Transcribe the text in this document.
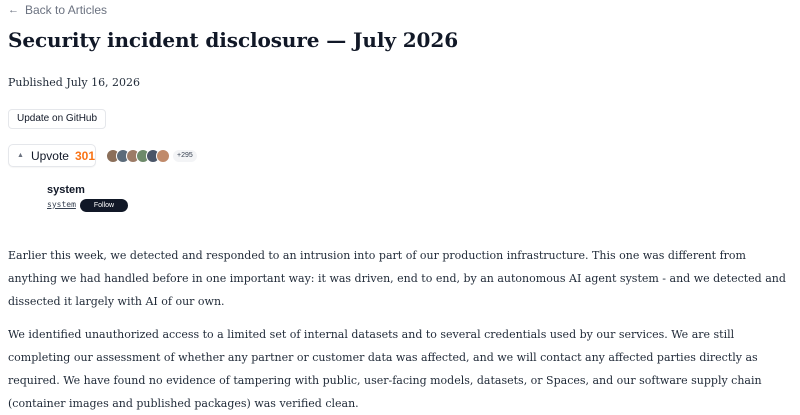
← Back to Articles
Security incident disclosure — July 2026
Published July 16, 2026
Update on GitHub
▲ Upvote 301	+295
system
system	Follow

Earlier this week, we detected and responded to an intrusion into part of our production infrastructure. This one was different from anything we had handled before in one important way: it was driven, end to end, by an autonomous AI agent system - and we detected and dissected it largely with AI of our own.

We identified unauthorized access to a limited set of internal datasets and to several credentials used by our services. We are still completing our assessment of whether any partner or customer data was affected, and we will contact any affected parties directly as required. We have found no evidence of tampering with public, user-facing models, datasets, or Spaces, and our software supply chain (container images and published packages) was verified clean.
